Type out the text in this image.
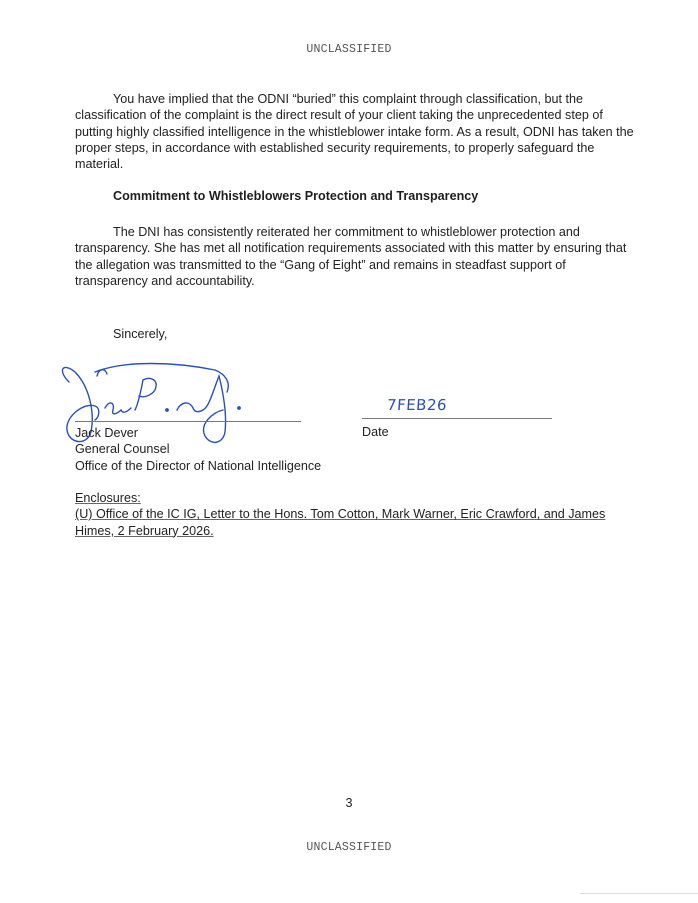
UNCLASSIFIED

You have implied that the ODNI “buried” this complaint through classification, but the classification of the complaint is the direct result of your client taking the unprecedented step of putting highly classified intelligence in the whistleblower intake form. As a result, ODNI has taken the proper steps, in accordance with established security requirements, to properly safeguard the material.

Commitment to Whistleblowers Protection and Transparency

The DNI has consistently reiterated her commitment to whistleblower protection and transparency. She has met all notification requirements associated with this matter by ensuring that the allegation was transmitted to the “Gang of Eight” and remains in steadfast support of transparency and accountability.

Sincerely,
7FEB26
Jack Dever
General Counsel
Office of the Director of National Intelligence
Date
Enclosures:
(U) Office of the IC IG, Letter to the Hons. Tom Cotton, Mark Warner, Eric Crawford, and James Himes, 2 February 2026.
3
UNCLASSIFIED
